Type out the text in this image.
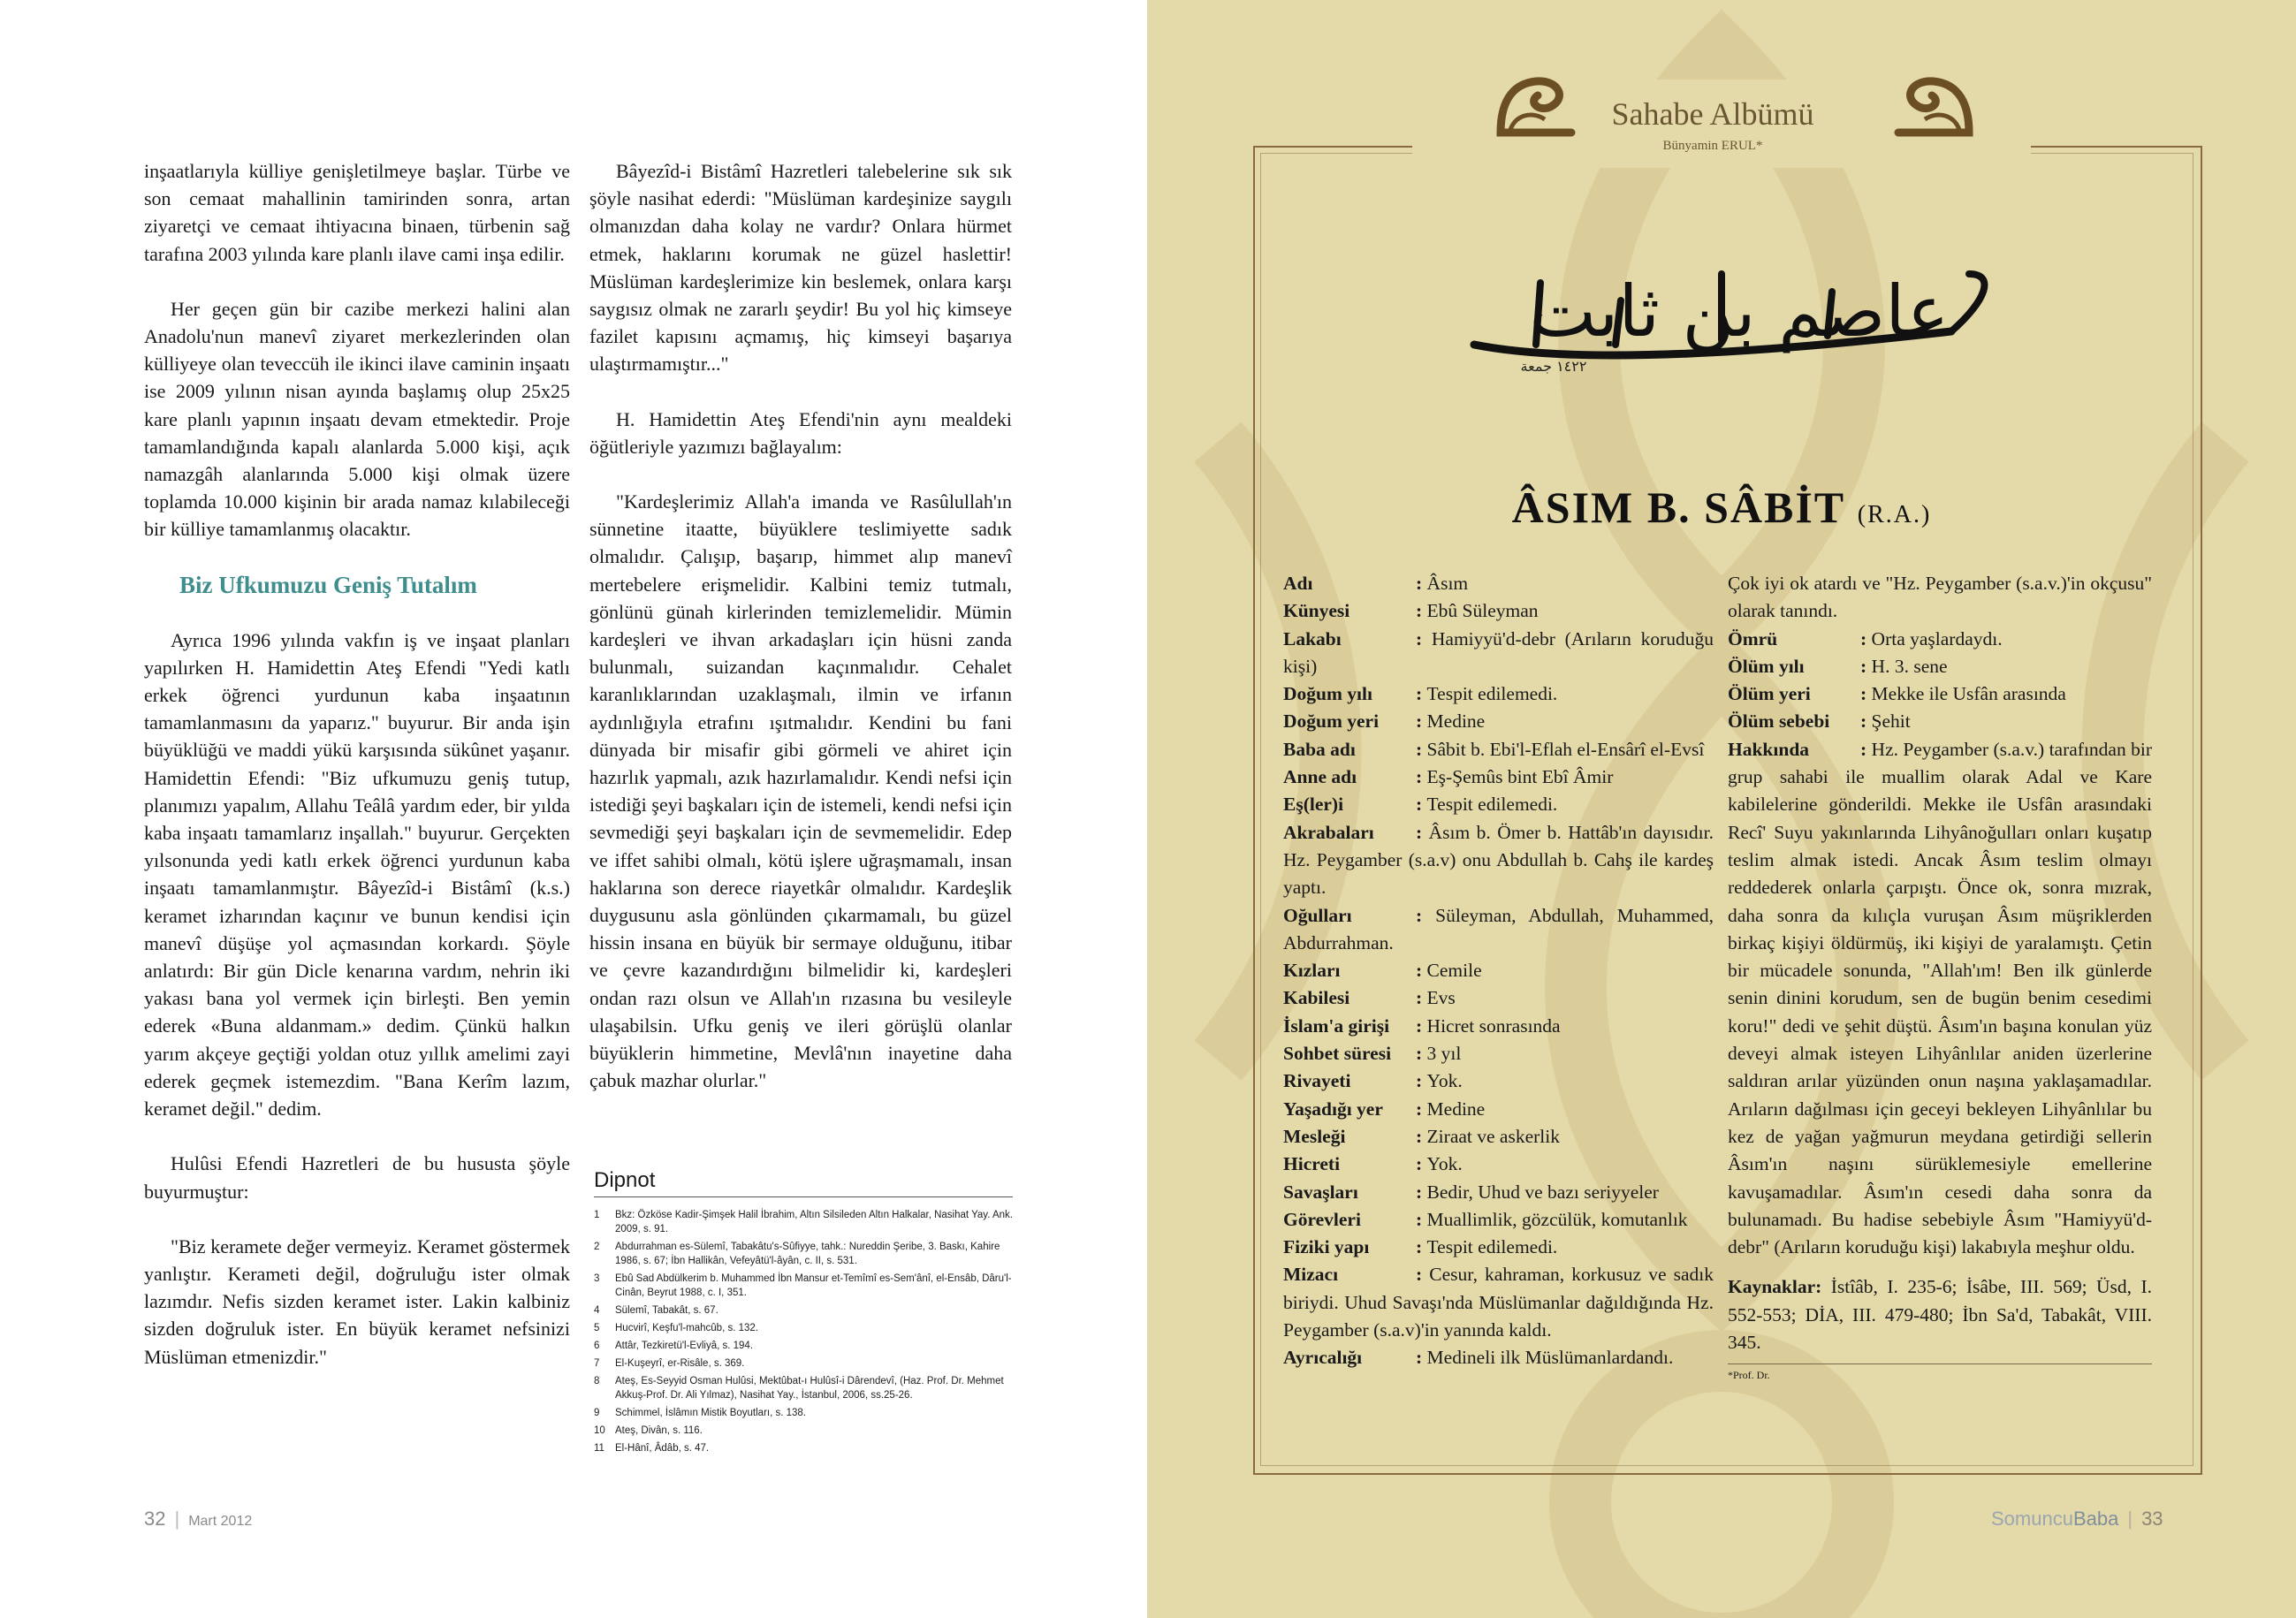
inşaatlarıyla külliye genişletilmeye başlar. Türbe ve son cemaat mahallinin tamirinden sonra, artan ziyaretçi ve cemaat ihtiyacına binaen, türbenin sağ tarafına 2003 yılında kare planlı ilave cami inşa edilir.

Her geçen gün bir cazibe merkezi halini alan Anadolu'nun manevî ziyaret merkezlerinden olan külliyeye olan teveccüh ile ikinci ilave caminin inşaatı ise 2009 yılının nisan ayında başlamış olup 25x25 kare planlı yapının inşaatı devam etmektedir. Proje tamamlandığında kapalı alanlarda 5.000 kişi, açık namazgâh alanlarında 5.000 kişi olmak üzere toplamda 10.000 kişinin bir arada namaz kılabileceği bir külliye tamamlanmış olacaktır.

Biz Ufkumuzu Geniş Tutalım

Ayrıca 1996 yılında vakfın iş ve inşaat planları yapılırken H. Hamidettin Ateş Efendi "Yedi katlı erkek öğrenci yurdunun kaba inşaatının tamamlanmasını da yaparız." buyurur. Bir anda işin büyüklüğü ve maddi yükü karşısında sükûnet yaşanır. Hamidettin Efendi: "Biz ufkumuzu geniş tutup, planımızı yapalım, Allahu Teâlâ yardım eder, bir yılda kaba inşaatı tamamlarız inşallah." buyurur. Gerçekten yılsonunda yedi katlı erkek öğrenci yurdunun kaba inşaatı tamamlanmıştır. Bâyezîd-i Bistâmî (k.s.) keramet izharından kaçınır ve bunun kendisi için manevî düşüşe yol açmasından korkardı. Şöyle anlatırdı: Bir gün Dicle kenarına vardım, nehrin iki yakası bana yol vermek için birleşti. Ben yemin ederek «Buna aldanmam.» dedim. Çünkü halkın yarım akçeye geçtiği yoldan otuz yıllık amelimi zayi ederek geçmek istemezdim. "Bana Kerîm lazım, keramet değil." dedim.

Hulûsi Efendi Hazretleri de bu hususta şöyle buyurmuştur:

"Biz keramete değer vermeyiz. Keramet göstermek yanlıştır. Kerameti değil, doğruluğu ister olmak lazımdır. Nefis sizden keramet ister. Lakin kalbiniz sizden doğruluk ister. En büyük keramet nefsinizi Müslüman etmenizdir."

Bâyezîd-i Bistâmî Hazretleri talebelerine sık sık şöyle nasihat ederdi: "Müslüman kardeşinize saygılı olmanızdan daha kolay ne vardır? Onlara hürmet etmek, haklarını korumak ne güzel haslettir! Müslüman kardeşlerimize kin beslemek, onlara karşı saygısız olmak ne zararlı şeydir! Bu yol hiç kimseye fazilet kapısını açmamış, hiç kimseyi başarıya ulaştırmamıştır..."

H. Hamidettin Ateş Efendi'nin aynı mealdeki öğütleriyle yazımızı bağlayalım:

"Kardeşlerimiz Allah'a imanda ve Rasûlullah'ın sünnetine itaatte, büyüklere teslimiyette sadık olmalıdır. Çalışıp, başarıp, himmet alıp manevî mertebelere erişmelidir. Kalbini temiz tutmalı, gönlünü günah kirlerinden temizlemelidir. Mümin kardeşleri ve ihvan arkadaşları için hüsni zanda bulunmalı, suizandan kaçınmalıdır. Cehalet karanlıklarından uzaklaşmalı, ilmin ve irfanın aydınlığıyla etrafını ışıtmalıdır. Kendini bu fani dünyada bir misafir gibi görmeli ve ahiret için hazırlık yapmalı, azık hazırlamalıdır. Kendi nefsi için istediği şeyi başkaları için de istemeli, kendi nefsi için sevmediği şeyi başkaları için de sevmemelidir. Edep ve iffet sahibi olmalı, kötü işlere uğraşmamalı, insan haklarına son derece riayetkâr olmalıdır. Kardeşlik duygusunu asla gönlünden çıkarmamalı, bu güzel hissin insana en büyük bir sermaye olduğunu, itibar ve çevre kazandırdığını bilmelidir ki, kardeşleri ondan razı olsun ve Allah'ın rızasına bu vesileyle ulaşabilsin. Ufku geniş ve ileri görüşlü olanlar büyüklerin himmetine, Mevlâ'nın inayetine daha çabuk mazhar olurlar."

Dipnot
1	Bkz: Özköse Kadir-Şimşek Halil İbrahim, Altın Silsileden Altın Halkalar, Nasihat Yay. Ank. 2009, s. 91.
2	Abdurrahman es-Sülemî, Tabakâtu's-Sûfiyye, tahk.: Nureddin Şeribe, 3. Baskı, Kahire 1986, s. 67; İbn Hallikân, Vefeyâtü'l-âyân, c. II, s. 531.
3	Ebû Sad Abdülkerim b. Muhammed İbn Mansur et-Temîmî es-Sem'ânî, el-Ensâb, Dâru'l-Cinân, Beyrut 1988, c. I, 351.
4	Sülemî, Tabakât, s. 67.
5	Hucvirî, Keşfu'l-mahcûb, s. 132.
6	Attâr, Tezkiretü'l-Evliyâ, s. 194.
7	El-Kuşeyrî, er-Risâle, s. 369.
8	Ateş, Es-Seyyid Osman Hulûsi, Mektûbat-ı Hulûsî-i Dârendevî, (Haz. Prof. Dr. Mehmet Akkuş-Prof. Dr. Ali Yılmaz), Nasihat Yay., İstanbul, 2006, ss.25-26.
9	Schimmel, İslâmın Mistik Boyutları, s. 138.
10 Ateş, Divân, s. 116.
11	El-Hânî, Âdâb, s. 47.
32 | Mart 2012
Sahabe Albümü
Bünyamin ERUL*
عاصم بن ثابت
١٤٢٢ جمعة
ÂSIM B. SÂBİT (R.A.)
Adı	: Âsım
Künyesi	: Ebû Süleyman
Lakabı	: Hamiyyü'd-debr (Arıların koruduğu kişi)
Doğum yılı : Tespit edilemedi.
Doğum yeri : Medine
Baba adı	: Sâbit b. Ebi'l-Eflah el-Ensârî el-Evsî
Anne adı	: Eş-Şemûs bint Ebî Âmir
Eş(ler)i	: Tespit edilemedi.
Akrabaları : Âsım b. Ömer b. Hattâb'ın dayısıdır. Hz. Peygamber (s.a.v) onu Abdullah b. Cahş ile kardeş yaptı.
Oğulları	: Süleyman, Abdullah, Muhammed, Abdurrahman.
Kızları	: Cemile
Kabilesi	: Evs
İslam'a girişi : Hicret sonrasında
Sohbet süresi : 3 yıl
Rivayeti	: Yok.
Yaşadığı yer : Medine
Mesleği	: Ziraat ve askerlik
Hicreti	: Yok.
Savaşları	: Bedir, Uhud ve bazı seriyyeler
Görevleri	: Muallimlik, gözcülük, komutanlık
Fiziki yapı : Tespit edilemedi.
Mizacı	: Cesur, kahraman, korkusuz ve sadık biriydi. Uhud Savaşı'nda Müslümanlar dağıldığında Hz. Peygamber (s.a.v)'in yanında kaldı.
Ayrıcalığı	: Medineli ilk Müslümanlardandı.
Çok iyi ok atardı ve "Hz. Peygamber (s.a.v.)'in okçusu" olarak tanındı.
Ömrü	: Orta yaşlardaydı.
Ölüm yılı	: H. 3. sene
Ölüm yeri	: Mekke ile Usfân arasında
Ölüm sebebi : Şehit
Hakkında	: Hz. Peygamber (s.a.v.) tarafından bir grup sahabi ile muallim olarak Adal ve Kare kabilelerine gönderildi. Mekke ile Usfân arasındaki Recî' Suyu yakınlarında Lihyânoğulları onları kuşatıp teslim almak istedi. Ancak Âsım teslim olmayı reddederek onlarla çarpıştı. Önce ok, sonra mızrak, daha sonra da kılıçla vuruşan Âsım müşriklerden birkaç kişiyi öldürmüş, iki kişiyi de yaralamıştı. Çetin bir mücadele sonunda, "Allah'ım! Ben ilk günlerde senin dinini korudum, sen de bugün benim cesedimi koru!" dedi ve şehit düştü. Âsım'ın başına konulan yüz deveyi almak isteyen Lihyânlılar aniden üzerlerine saldıran arılar yüzünden onun naşına yaklaşamadılar. Arıların dağılması için geceyi bekleyen Lihyânlılar bu kez de yağan yağmurun meydana getirdiği sellerin Âsım'ın naşını sürüklemesiyle emellerine kavuşamadılar. Âsım'ın cesedi daha sonra da bulunamadı. Bu hadise sebebiyle Âsım "Hamiyyü'd-debr" (Arıların koruduğu kişi) lakabıyla meşhur oldu.
Kaynaklar: İstîâb, I. 235-6; İsâbe, III. 569; Üsd, I. 552-553; DİA, III. 479-480; İbn Sa'd, Tabakât, VIII. 345.
*Prof. Dr.
SomuncuBaba | 33
